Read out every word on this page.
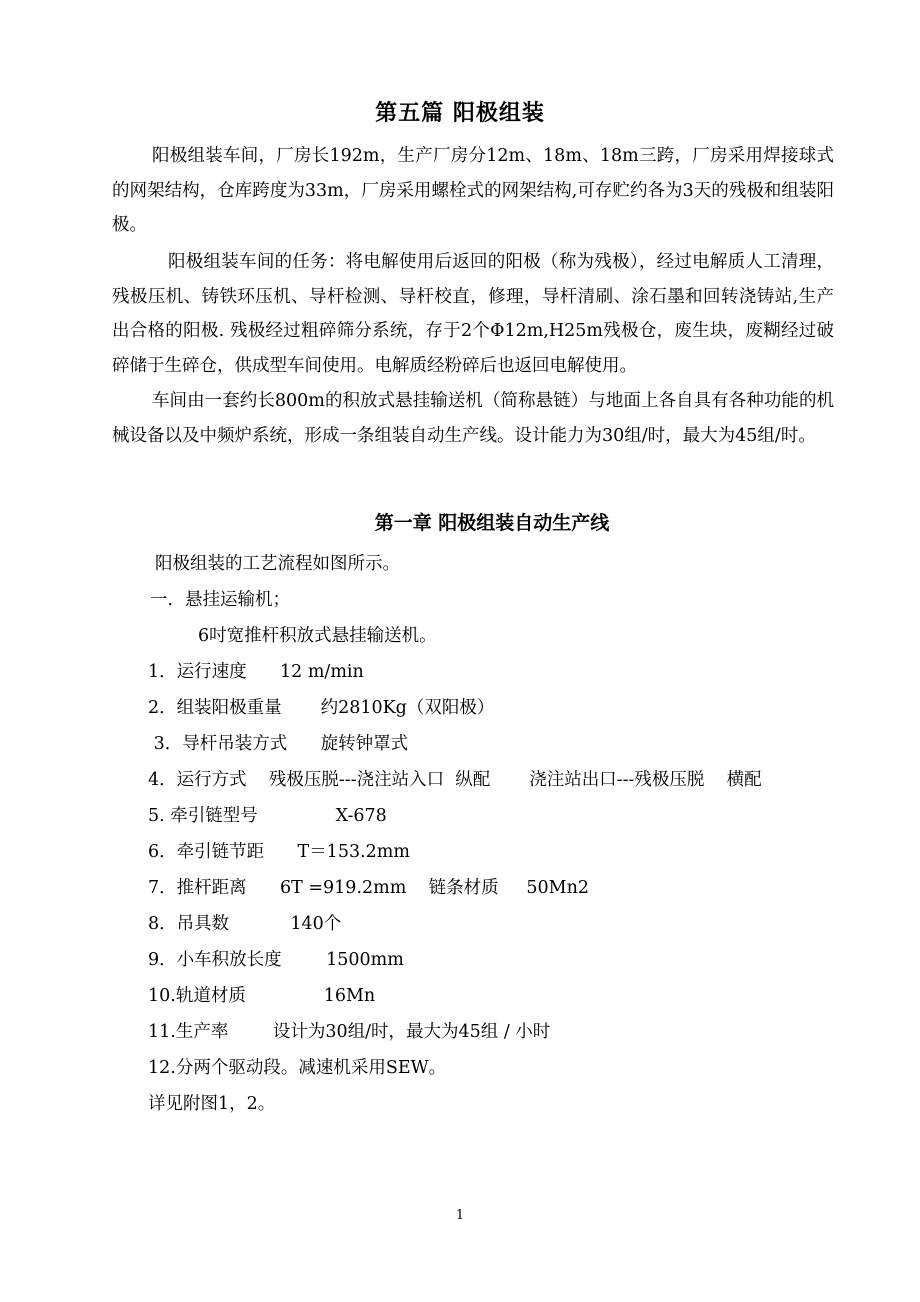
第五篇 阳极组装

阳极组装车间，厂房长192m，生产厂房分12m、18m、18m三跨，厂房采用焊接球式的网架结构，仓库跨度为33m，厂房采用螺栓式的网架结构,可存贮约各为3天的残极和组装阳极。

阳极组装车间的任务：将电解使用后返回的阳极（称为残极），经过电解质人工清理，残极压机、铸铁环压机、导杆检测、导杆校直，修理，导杆清刷、涂石墨和回转浇铸站,生产出合格的阳极. 残极经过粗碎筛分系统，存于2个Φ12m,H25m残极仓，废生块，废糊经过破碎储于生碎仓，供成型车间使用。电解质经粉碎后也返回电解使用。

车间由一套约长800m的积放式悬挂输送机（简称悬链）与地面上各自具有各种功能的机械设备以及中频炉系统，形成一条组装自动生产线。设计能力为30组/时，最大为45组/时。

第一章 阳极组装自动生产线

阳极组装的工艺流程如图所示。

一．悬挂运输机；

6吋宽推杆积放式悬挂输送机。

1．运行速度      12 m/min

2．组装阳极重量       约2810Kg（双阳极）

3．导杆吊装方式      旋转钟罩式

4．运行方式    残极压脱---浇注站入口  纵配       浇注站出口---残极压脱    横配

5. 牵引链型号              X-678

6．牵引链节距      T＝153.2mm

7．推杆距离      6T =919.2mm    链条材质     50Mn2

8．吊具数           140个

9．小车积放长度        1500mm

10.轨道材质              16Mn

11.生产率        设计为30组/时，最大为45组 / 小时

12.分两个驱动段。减速机采用SEW。

详见附图1，2。

1
